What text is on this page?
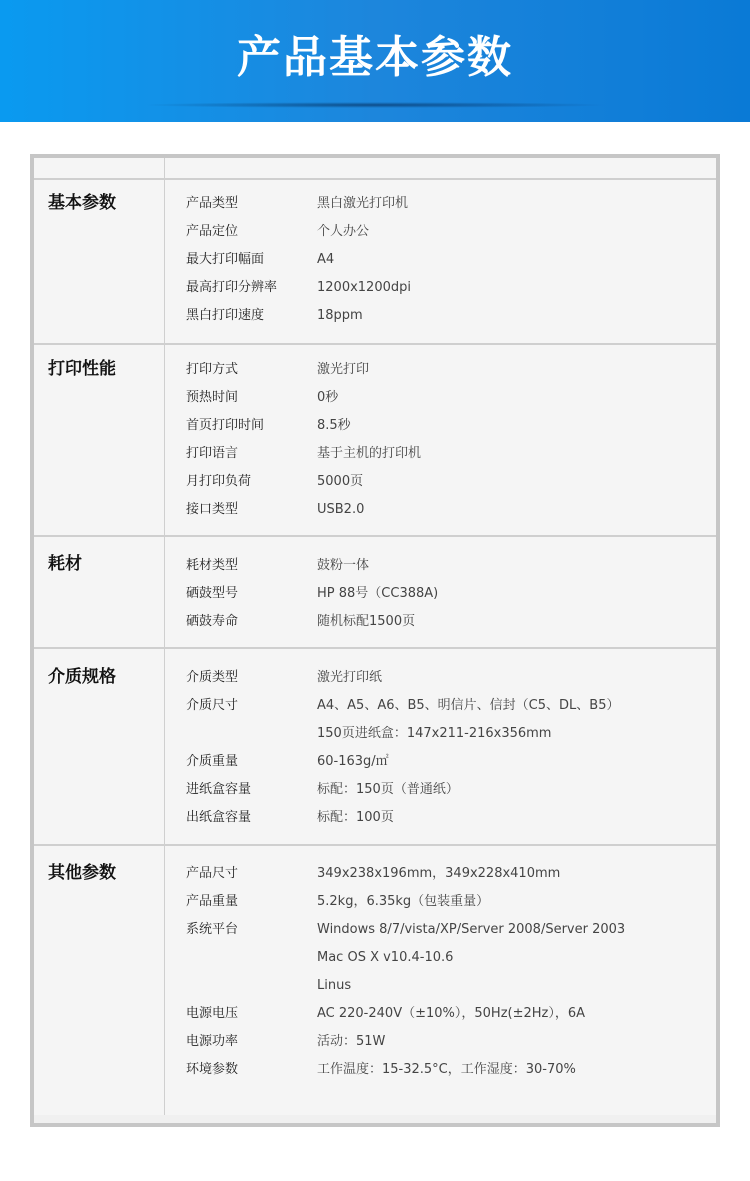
产品基本参数
基本参数	产品类型	黑白激光打印机
产品定位	个人办公
最大打印幅面	A4
最高打印分辨率	1200x1200dpi
黑白打印速度	18ppm
打印性能	打印方式	激光打印
预热时间	0秒
首页打印时间	8.5秒
打印语言	基于主机的打印机
月打印负荷	5000页
接口类型	USB2.0
耗材	耗材类型	鼓粉一体
硒鼓型号	HP 88号（CC388A)
硒鼓寿命	随机标配1500页
介质规格	介质类型	激光打印纸
介质尺寸	A4、A5、A6、B5、明信片、信封（C5、DL、B5）
150页进纸盒：147x211-216x356mm
介质重量	60-163g/㎡
进纸盒容量	标配：150页（普通纸）
出纸盒容量	标配：100页
其他参数	产品尺寸	349x238x196mm，349x228x410mm
产品重量	5.2kg，6.35kg（包装重量）
系统平台	Windows 8/7/vista/XP/Server 2008/Server 2003
Mac OS X v10.4-10.6
Linus
电源电压	AC 220-240V（±10%），50Hz(±2Hz），6A
电源功率	活动：51W
环境参数	工作温度：15-32.5°C，工作湿度：30-70%
